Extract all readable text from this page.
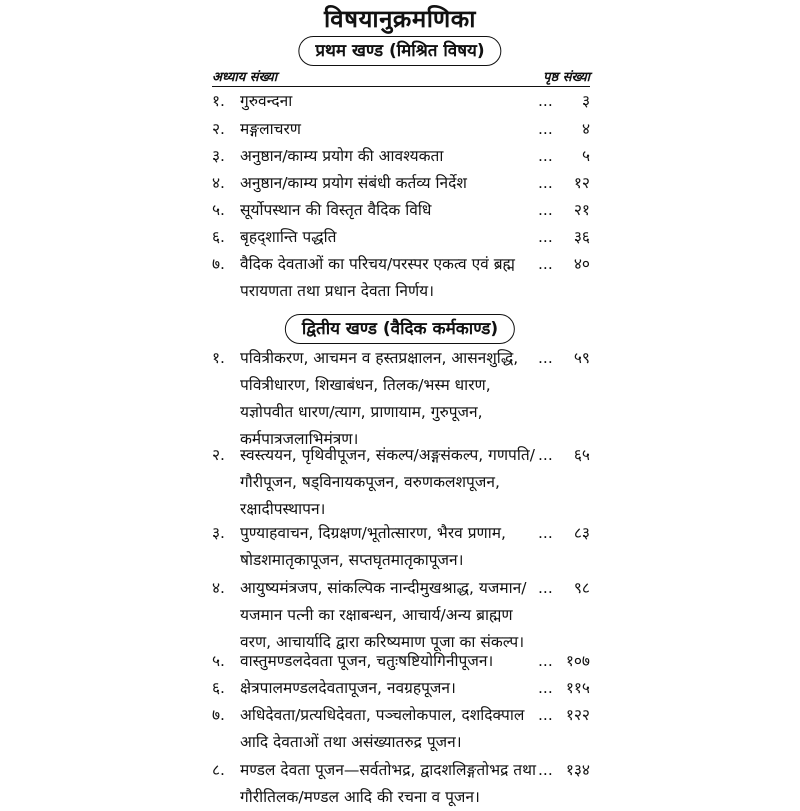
विषयानुक्रमणिका
प्रथम खण्ड (मिश्रित विषय)
अध्याय संख्या	पृष्ठ संख्या
१. गुरुवन्दना	... ३
२. मङ्गलाचरण	... ४
३. अनुष्ठान/काम्य प्रयोग की आवश्यकता	... ५
४. अनुष्ठान/काम्य प्रयोग संबंधी कर्तव्य निर्देश	... १२
५. सूर्योपस्थान की विस्तृत वैदिक विधि	... २१
६. बृहद्शान्ति पद्धति	... ३६
७. वैदिक देवताओं का परिचय/परस्पर एकत्व एवं ब्रह्म
परायणता तथा प्रधान देवता निर्णय।
... ४०
द्वितीय खण्ड (वैदिक कर्मकाण्ड)
१. पवित्रीकरण, आचमन व हस्तप्रक्षालन, आसनशुद्धि,
पवित्रीधारण, शिखाबंधन, तिलक/भस्म धारण,
यज्ञोपवीत धारण/त्याग, प्राणायाम, गुरुपूजन,
कर्मपात्रजलाभिमंत्रण।
... ५९
२. स्वस्त्ययन, पृथिवीपूजन, संकल्प/अङ्गसंकल्प, गणपति/
गौरीपूजन, षड्विनायकपूजन, वरुणकलशपूजन,
रक्षादीपस्थापन।
... ६५
३. पुण्याहवाचन, दिग्रक्षण/भूतोत्सारण, भैरव प्रणाम,
षोडशमातृकापूजन, सप्तघृतमातृकापूजन।
... ८३
४. आयुष्यमंत्रजप, सांकल्पिक नान्दीमुखश्राद्ध, यजमान/
यजमान पत्नी का रक्षाबन्धन, आचार्य/अन्य ब्राह्मण
वरण, आचार्यादि द्वारा करिष्यमाण पूजा का संकल्प।
... ९८
५. वास्तुमण्डलदेवता पूजन, चतुःषष्टियोगिनीपूजन।	... १०७
६. क्षेत्रपालमण्डलदेवतापूजन, नवग्रहपूजन।	... ११५
७. अधिदेवता/प्रत्यधिदेवता, पञ्चलोकपाल, दशदिक्पाल
आदि देवताओं तथा असंख्यातरुद्र पूजन।
... १२२
८. मण्डल देवता पूजन—सर्वतोभद्र, द्वादशलिङ्गतोभद्र तथा
गौरीतिलक/मण्डल आदि की रचना व पूजन।
... १३४
